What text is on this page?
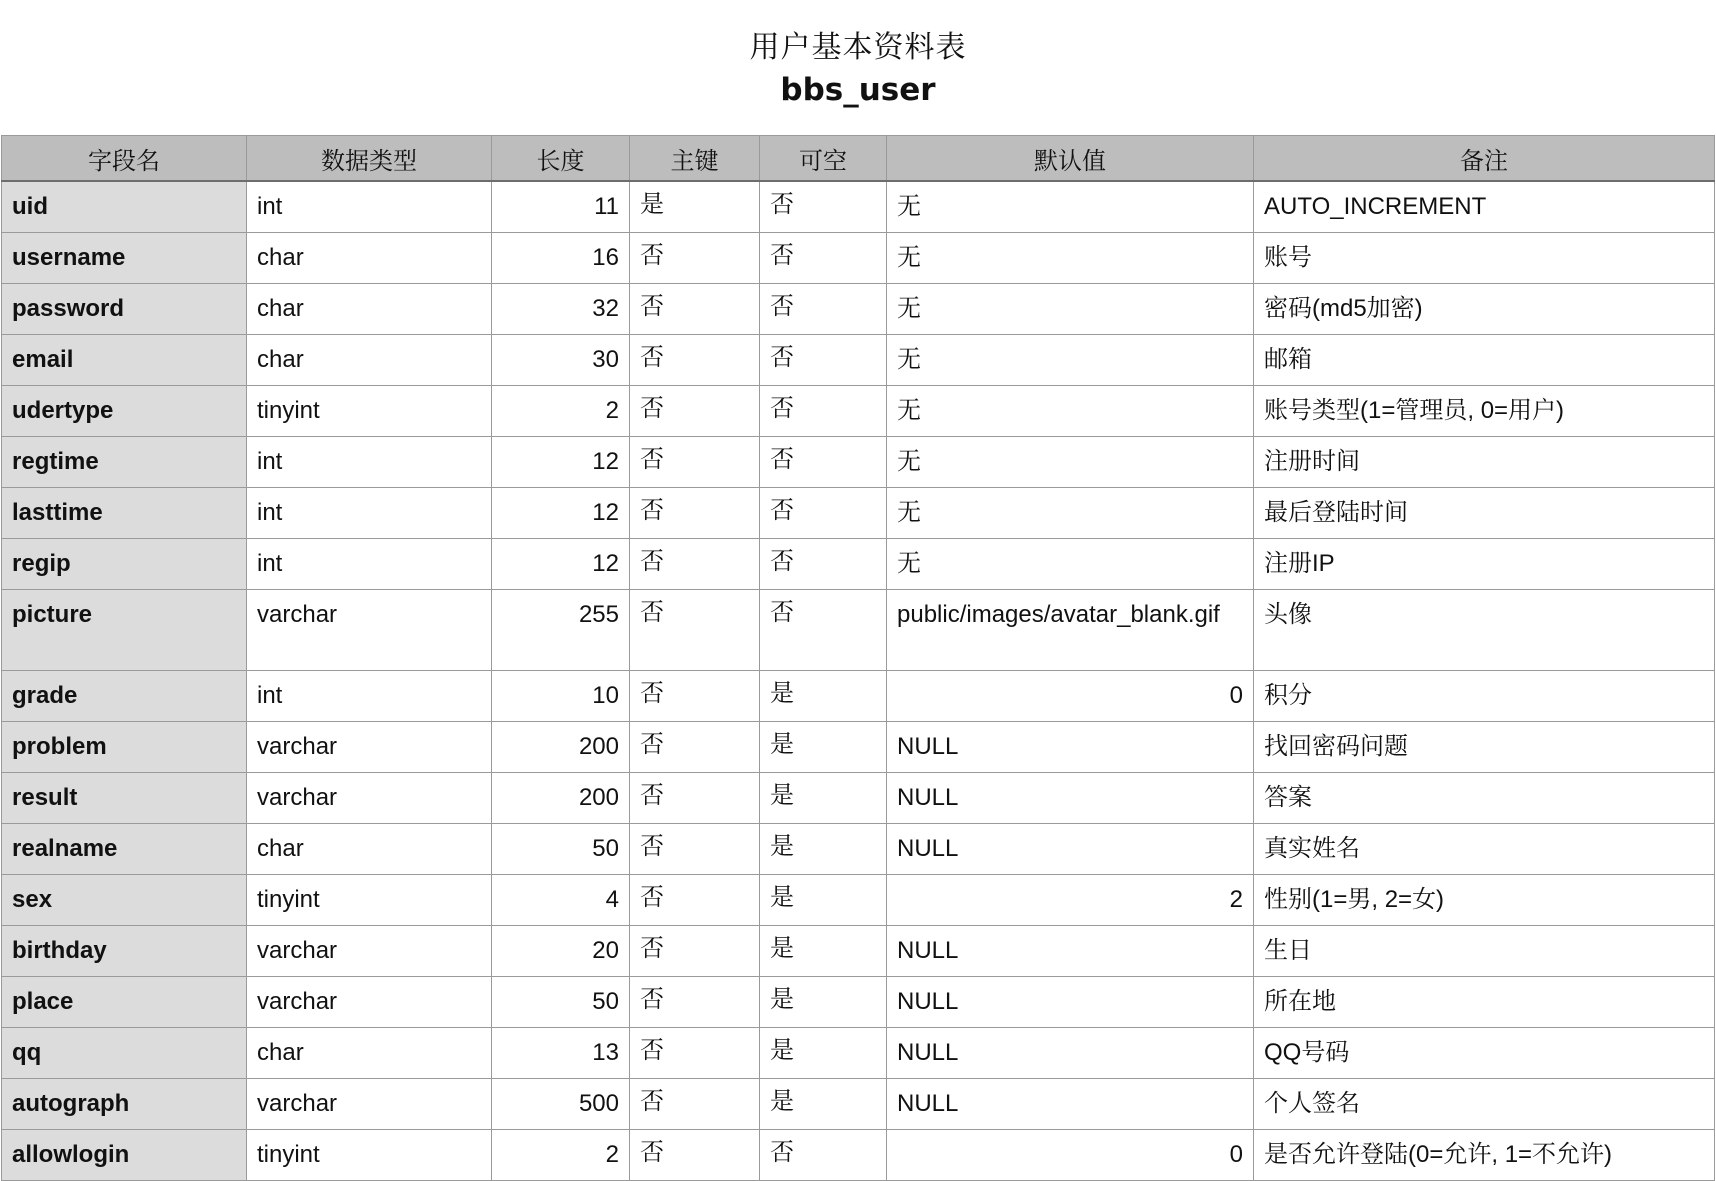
用户基本资料表
bbs_user
字段名	数据类型	长度	主键	可空	默认值	备注
uid	int	11	是	否	无	AUTO_INCREMENT
username	char	16	否	否	无	账号
password	char	32	否	否	无	密码(md5加密)
email	char	30	否	否	无	邮箱
udertype	tinyint	2	否	否	无	账号类型(1=管理员, 0=用户)
regtime	int	12	否	否	无	注册时间
lasttime	int	12	否	否	无	最后登陆时间
regip	int	12	否	否	无	注册IP
picture	varchar	255	否	否	public/images/avatar_blank.gif	头像
grade	int	10	否	是	0	积分
problem	varchar	200	否	是	NULL	找回密码问题
result	varchar	200	否	是	NULL	答案
realname	char	50	否	是	NULL	真实姓名
sex	tinyint	4	否	是	2	性别(1=男, 2=女)
birthday	varchar	20	否	是	NULL	生日
place	varchar	50	否	是	NULL	所在地
qq	char	13	否	是	NULL	QQ号码
autograph	varchar	500	否	是	NULL	个人签名
allowlogin	tinyint	2	否	否	0	是否允许登陆(0=允许, 1=不允许)
